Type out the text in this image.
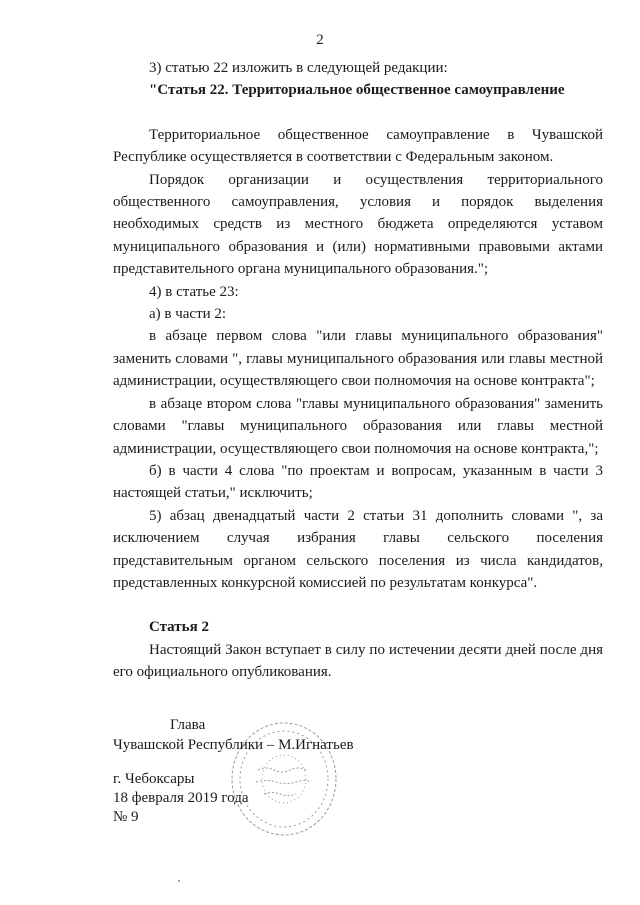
2

3) статью 22 изложить в следующей редакции:

"Статья 22. Территориальное общественное самоуправление

Территориальное общественное самоуправление в Чувашской Республике осуществляется в соответствии с Федеральным законом.

Порядок организации и осуществления территориального общественного самоуправления, условия и порядок выделения необходимых средств из местного бюджета определяются уставом муниципального образования и (или) нормативными правовыми актами представительного органа муниципального образования.";

4) в статье 23:

а) в части 2:

в абзаце первом слова "или главы муниципального образования" заменить словами ", главы муниципального образования или главы местной администрации, осуществляющего свои полномочия на основе контракта";

в абзаце втором слова "главы муниципального образования" заменить словами "главы муниципального образования или главы местной администрации, осуществляющего свои полномочия на основе контракта,";

б) в части 4 слова "по проектам и вопросам, указанным в части 3 настоящей статьи," исключить;

5) абзац двенадцатый части 2 статьи 31 дополнить словами ", за исключением случая избрания главы сельского поселения представительным органом сельского поселения из числа кандидатов, представленных конкурсной комиссией по результатам конкурса".

Статья 2

Настоящий Закон вступает в силу по истечении десяти дней после дня его официального опубликования.

Глава
Чувашской Республики – М.Игнатьев
г. Чебоксары
18 февраля 2019 года
№ 9
